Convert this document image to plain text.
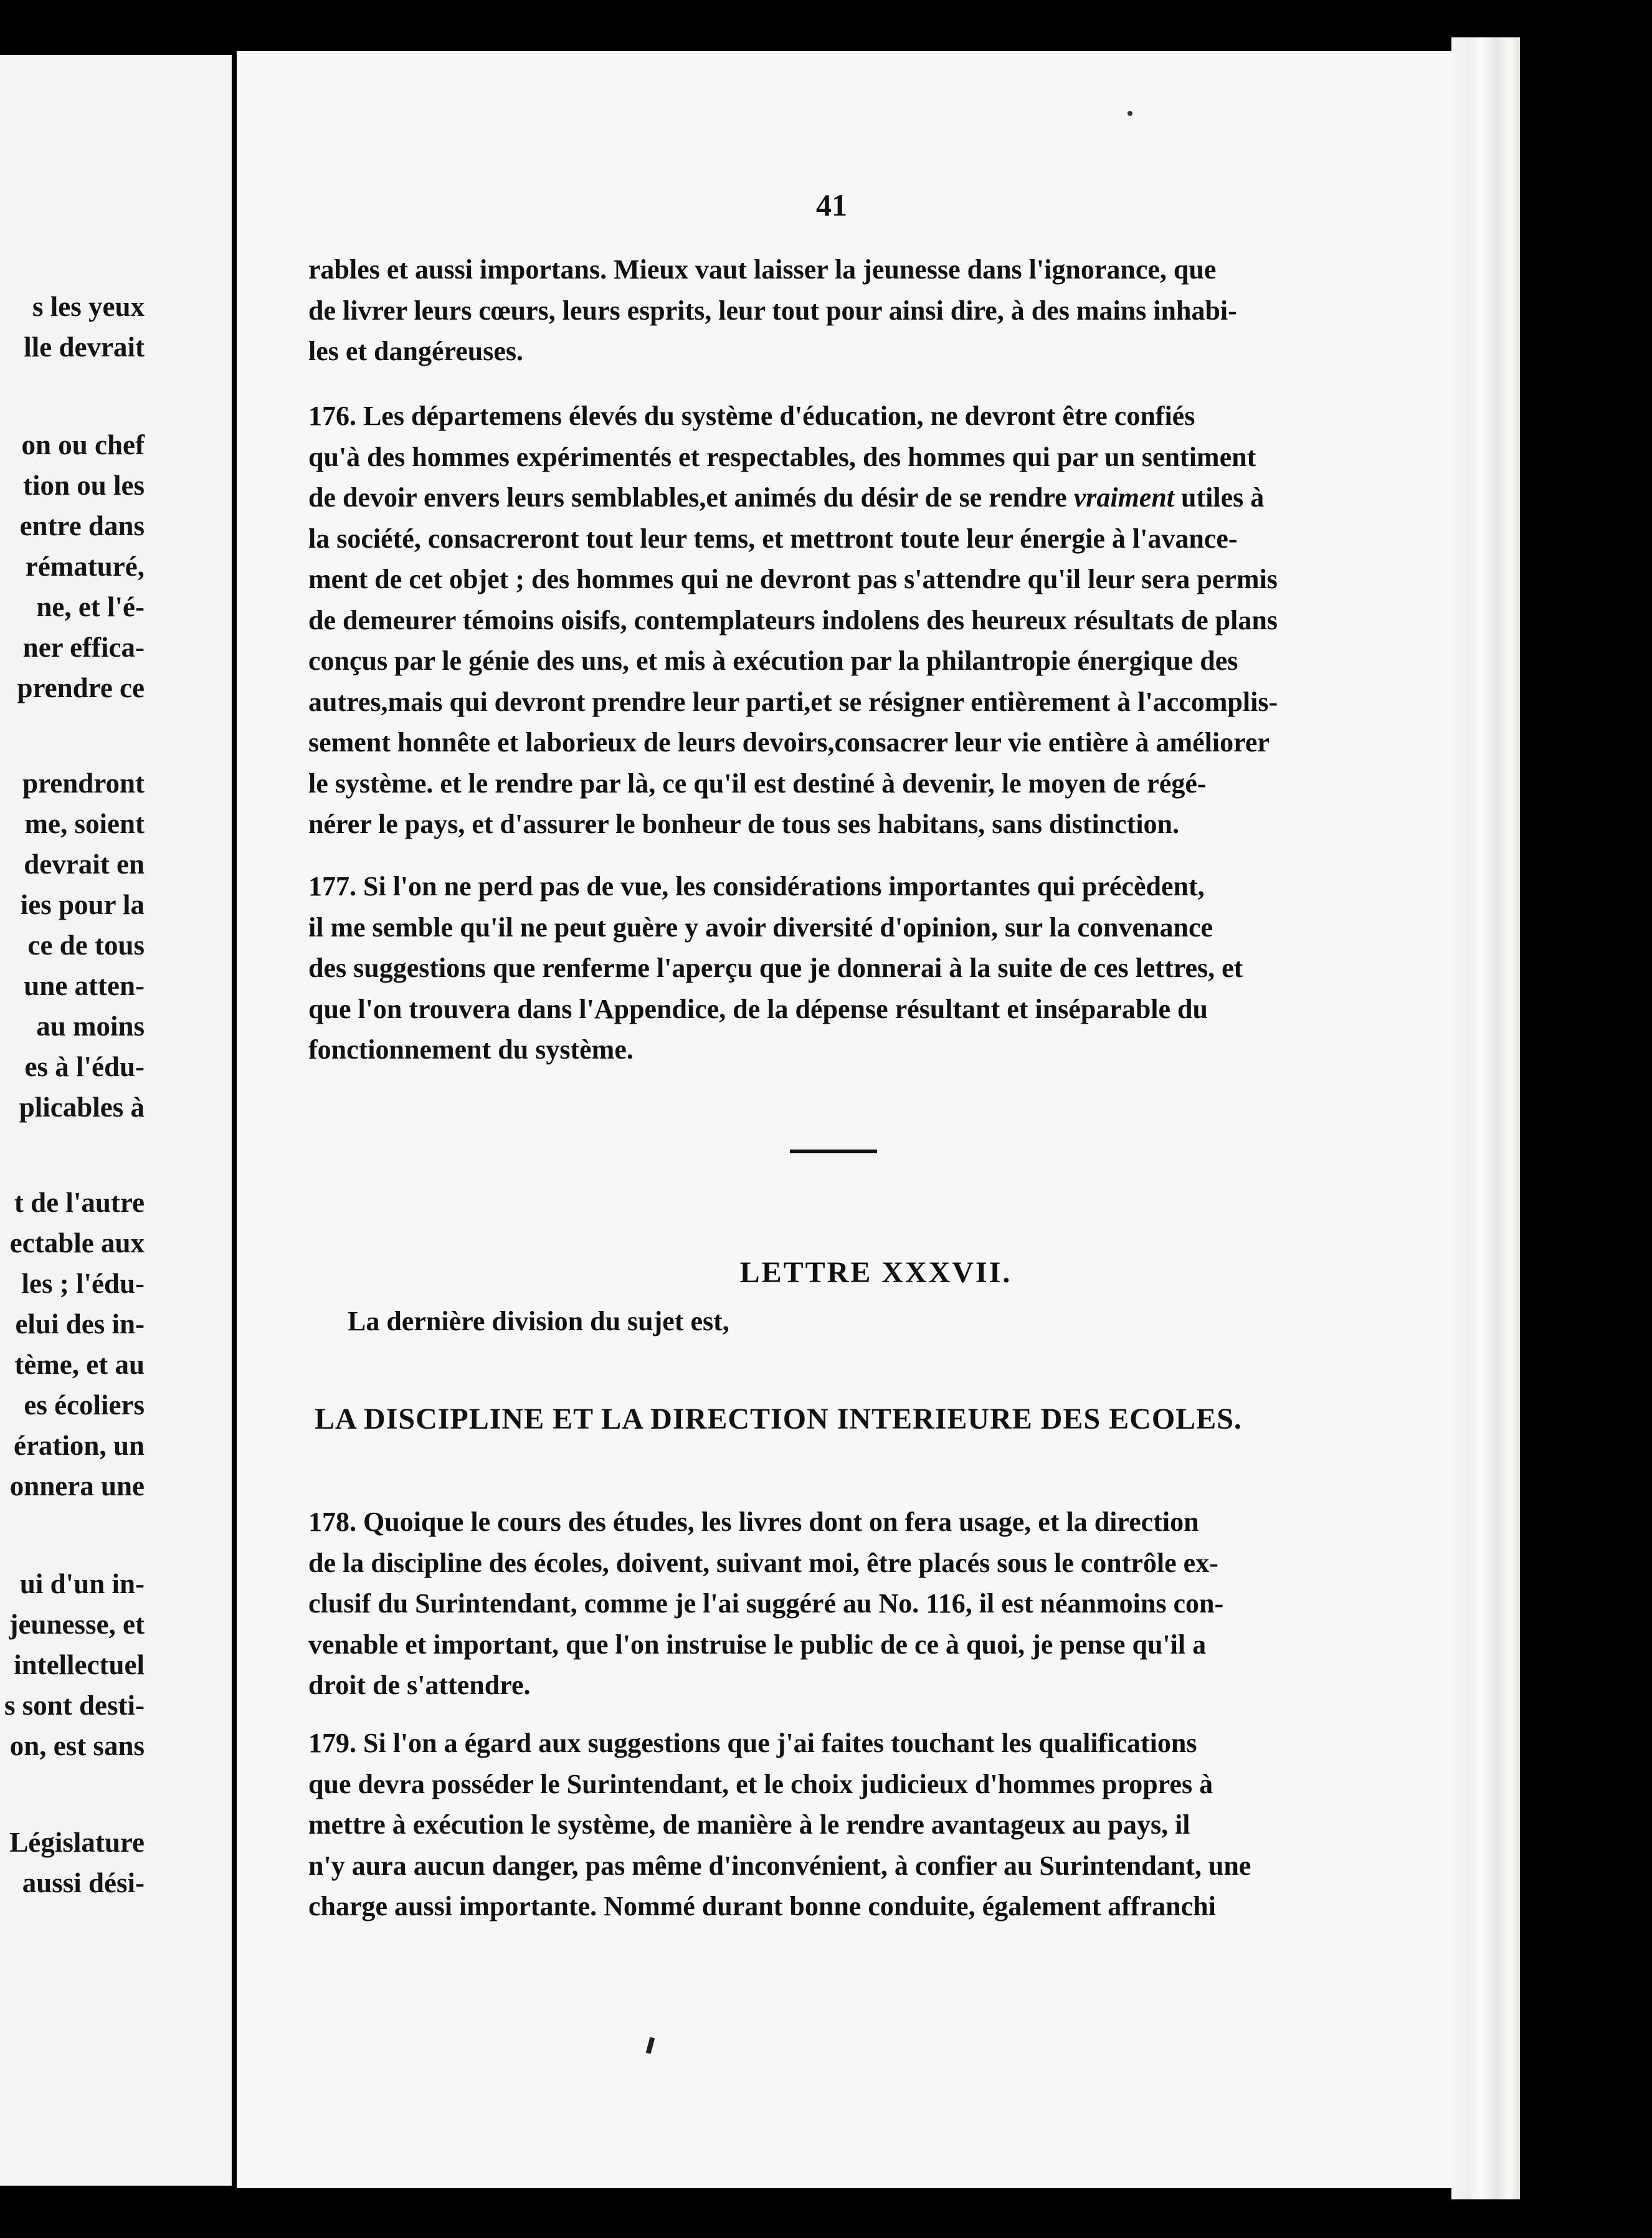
s les yeux
lle devrait
on ou chef
tion ou les
entre dans
rématuré,
ne, et l'é-
ner effica-
prendre ce
prendront
me, soient
devrait en
ies pour la
ce de tous
une atten-
au moins
es à l'édu-
plicables à
t de l'autre
ectable aux
les ; l'édu-
elui des in-
tème, et au
es écoliers
ération, un
onnera une
ui d'un in-
jeunesse, et
intellectuel
s sont desti-
on, est sans
Législature
aussi dési-
41

rables et aussi importans. Mieux vaut laisser la jeunesse dans l'ignorance, que
de livrer leurs cœurs, leurs esprits, leur tout pour ainsi dire, à des mains inhabi-
les et dangéreuses.

176. Les départemens élevés du système d'éducation, ne devront être confiés
qu'à des hommes expérimentés et respectables, des hommes qui par un sentiment
de devoir envers leurs semblables,et animés du désir de se rendre vraiment utiles à
la société, consacreront tout leur tems, et mettront toute leur énergie à l'avance-
ment de cet objet ; des hommes qui ne devront pas s'attendre qu'il leur sera permis
de demeurer témoins oisifs, contemplateurs indolens des heureux résultats de plans
conçus par le génie des uns, et mis à exécution par la philantropie énergique des
autres,mais qui devront prendre leur parti,et se résigner entièrement à l'accomplis-
sement honnête et laborieux de leurs devoirs,consacrer leur vie entière à améliorer
le système. et le rendre par là, ce qu'il est destiné à devenir, le moyen de régé-
nérer le pays, et d'assurer le bonheur de tous ses habitans, sans distinction.

177. Si l'on ne perd pas de vue, les considérations importantes qui précèdent,
il me semble qu'il ne peut guère y avoir diversité d'opinion, sur la convenance
des suggestions que renferme l'aperçu que je donnerai à la suite de ces lettres, et
que l'on trouvera dans l'Appendice, de la dépense résultant et inséparable du
fonctionnement du système.

LETTRE XXXVII.
La dernière division du sujet est,
LA DISCIPLINE ET LA DIRECTION INTERIEURE DES ECOLES.

178. Quoique le cours des études, les livres dont on fera usage, et la direction
de la discipline des écoles, doivent, suivant moi, être placés sous le contrôle ex-
clusif du Surintendant, comme je l'ai suggéré au No. 116, il est néanmoins con-
venable et important, que l'on instruise le public de ce à quoi, je pense qu'il a
droit de s'attendre.

179. Si l'on a égard aux suggestions que j'ai faites touchant les qualifications
que devra posséder le Surintendant, et le choix judicieux d'hommes propres à
mettre à exécution le système, de manière à le rendre avantageux au pays, il
n'y aura aucun danger, pas même d'inconvénient, à confier au Surintendant, une
charge aussi importante. Nommé durant bonne conduite, également affranchi
